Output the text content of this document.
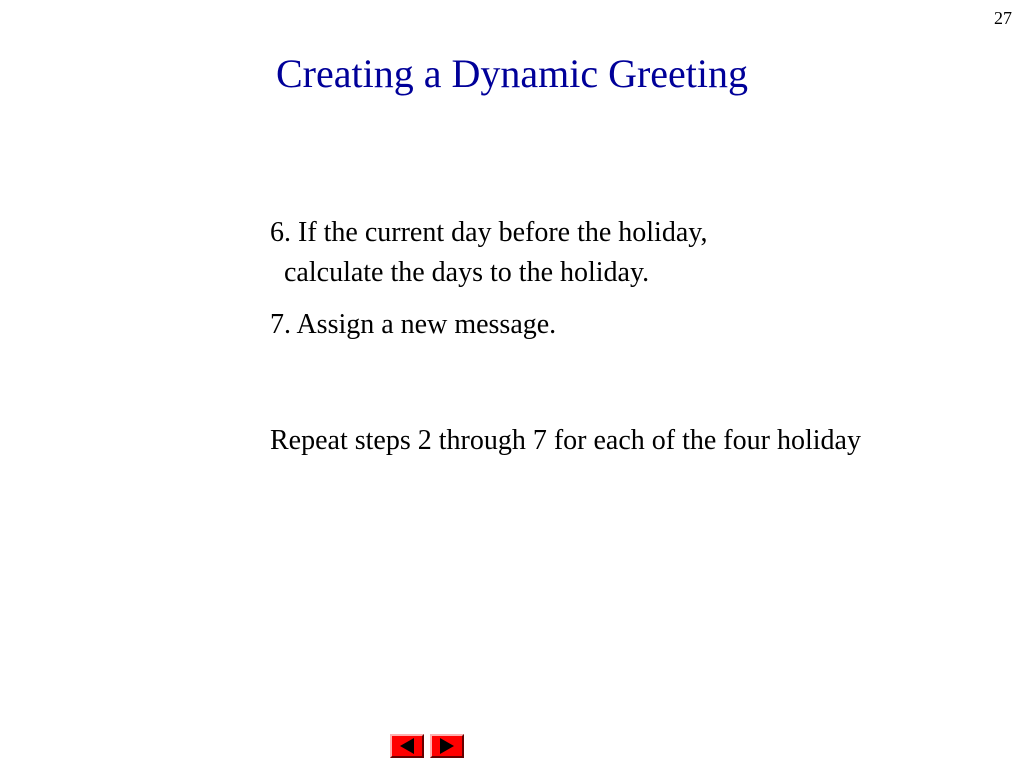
27
Creating a Dynamic Greeting

6. If the current day before the holiday,
calculate the days to the holiday.

7. Assign a new message.

Repeat steps 2 through 7 for each of the four holiday
